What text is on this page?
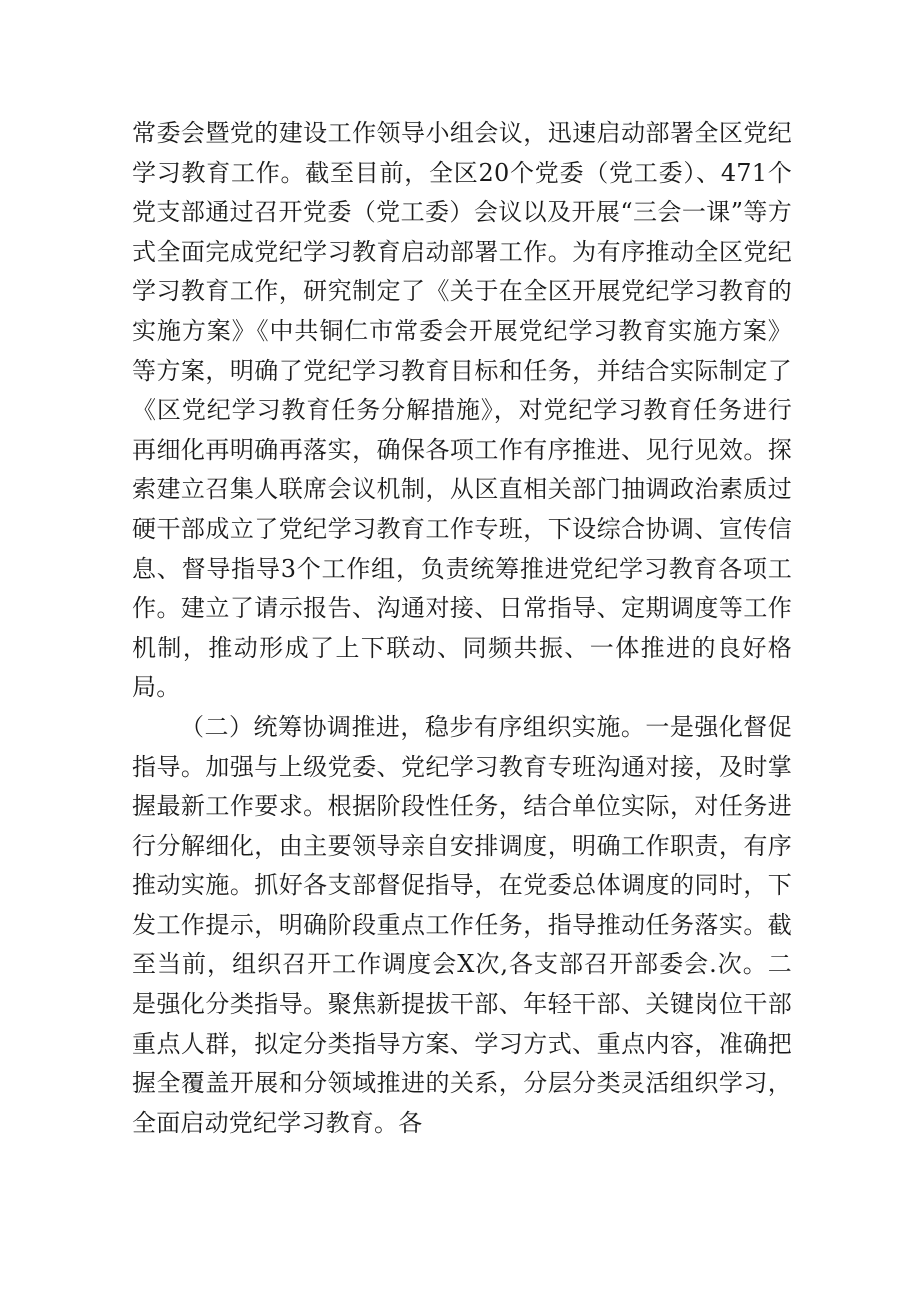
常委会暨党的建设工作领导小组会议，迅速启动部署全区党纪学习教育工作。截至目前，全区20个党委（党工委）、471个党支部通过召开党委（党工委）会议以及开展“三会一课”等方式全面完成党纪学习教育启动部署工作。为有序推动全区党纪学习教育工作，研究制定了《关于在全区开展党纪学习教育的实施方案》《中共铜仁市常委会开展党纪学习教育实施方案》等方案，明确了党纪学习教育目标和任务，并结合实际制定了《区党纪学习教育任务分解措施》，对党纪学习教育任务进行再细化再明确再落实，确保各项工作有序推进、见行见效。探索建立召集人联席会议机制，从区直相关部门抽调政治素质过硬干部成立了党纪学习教育工作专班，下设综合协调、宣传信息、督导指导3个工作组，负责统筹推进党纪学习教育各项工作。建立了请示报告、沟通对接、日常指导、定期调度等工作机制，推动形成了上下联动、同频共振、一体推进的良好格局。

（二）统筹协调推进，稳步有序组织实施。一是强化督促指导。加强与上级党委、党纪学习教育专班沟通对接，及时掌握最新工作要求。根据阶段性任务，结合单位实际，对任务进行分解细化，由主要领导亲自安排调度，明确工作职责，有序推动实施。抓好各支部督促指导，在党委总体调度的同时，下发工作提示，明确阶段重点工作任务，指导推动任务落实。截至当前，组织召开工作调度会X次,各支部召开部委会.次。二是强化分类指导。聚焦新提拔干部、年轻干部、关键岗位干部重点人群，拟定分类指导方案、学习方式、重点内容，准确把握全覆盖开展和分领域推进的关系，分层分类灵活组织学习，全面启动党纪学习教育。各
